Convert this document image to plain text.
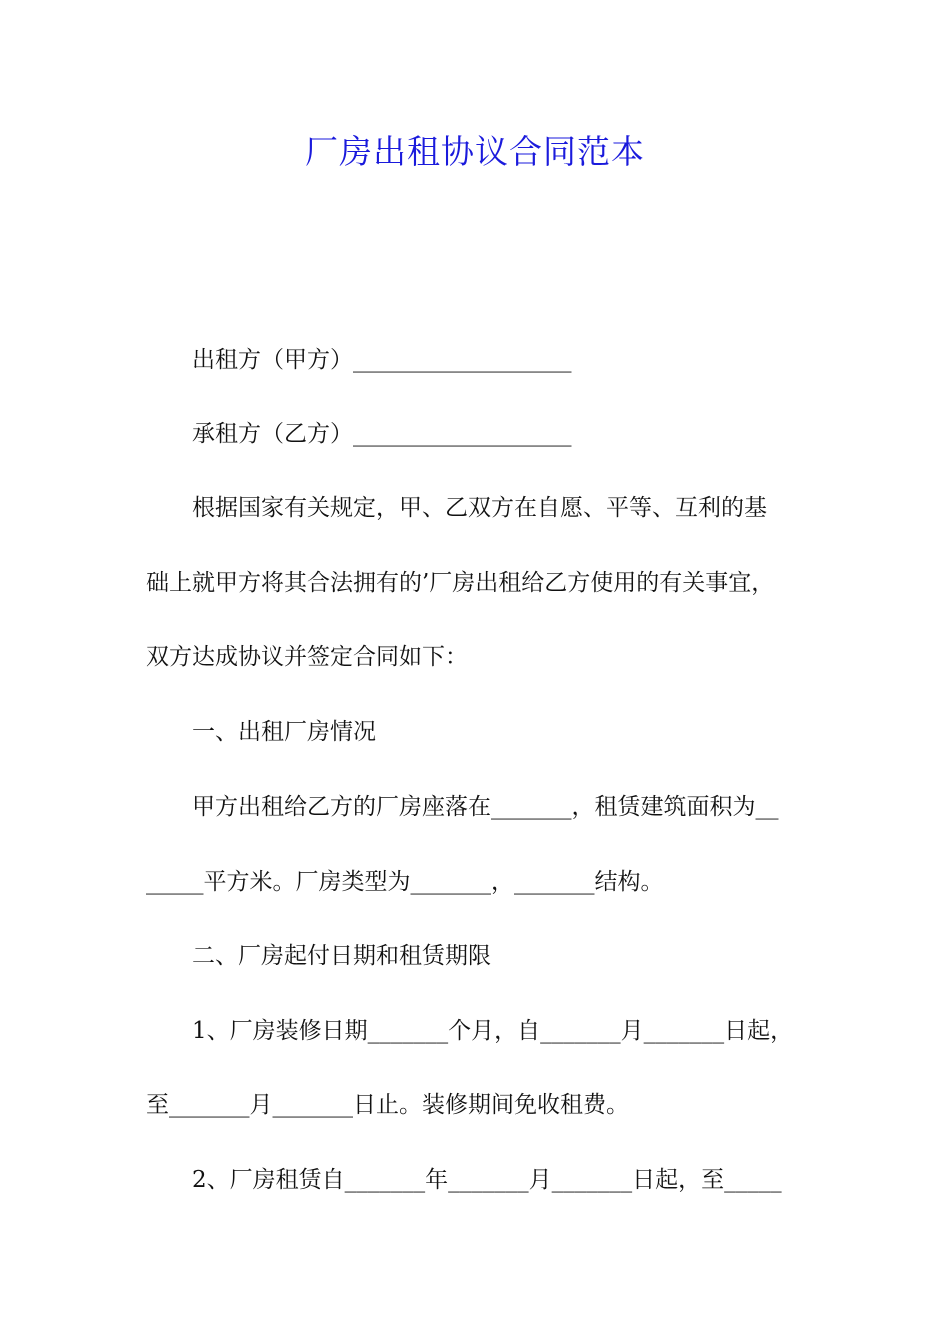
厂房出租协议合同范本
出租方（甲方）___________________
承租方（乙方）___________________
根据国家有关规定，甲、乙双方在自愿、平等、互利的基
础上就甲方将其合法拥有的’厂房出租给乙方使用的有关事宜，
双方达成协议并签定合同如下：
一、出租厂房情况
甲方出租给乙方的厂房座落在_______，租赁建筑面积为__
_____平方米。厂房类型为_______，_______结构。
二、厂房起付日期和租赁期限
1、厂房装修日期_______个月，自_______月_______日起，
至_______月_______日止。装修期间免收租费。
2、厂房租赁自_______年_______月_______日起，至_____
